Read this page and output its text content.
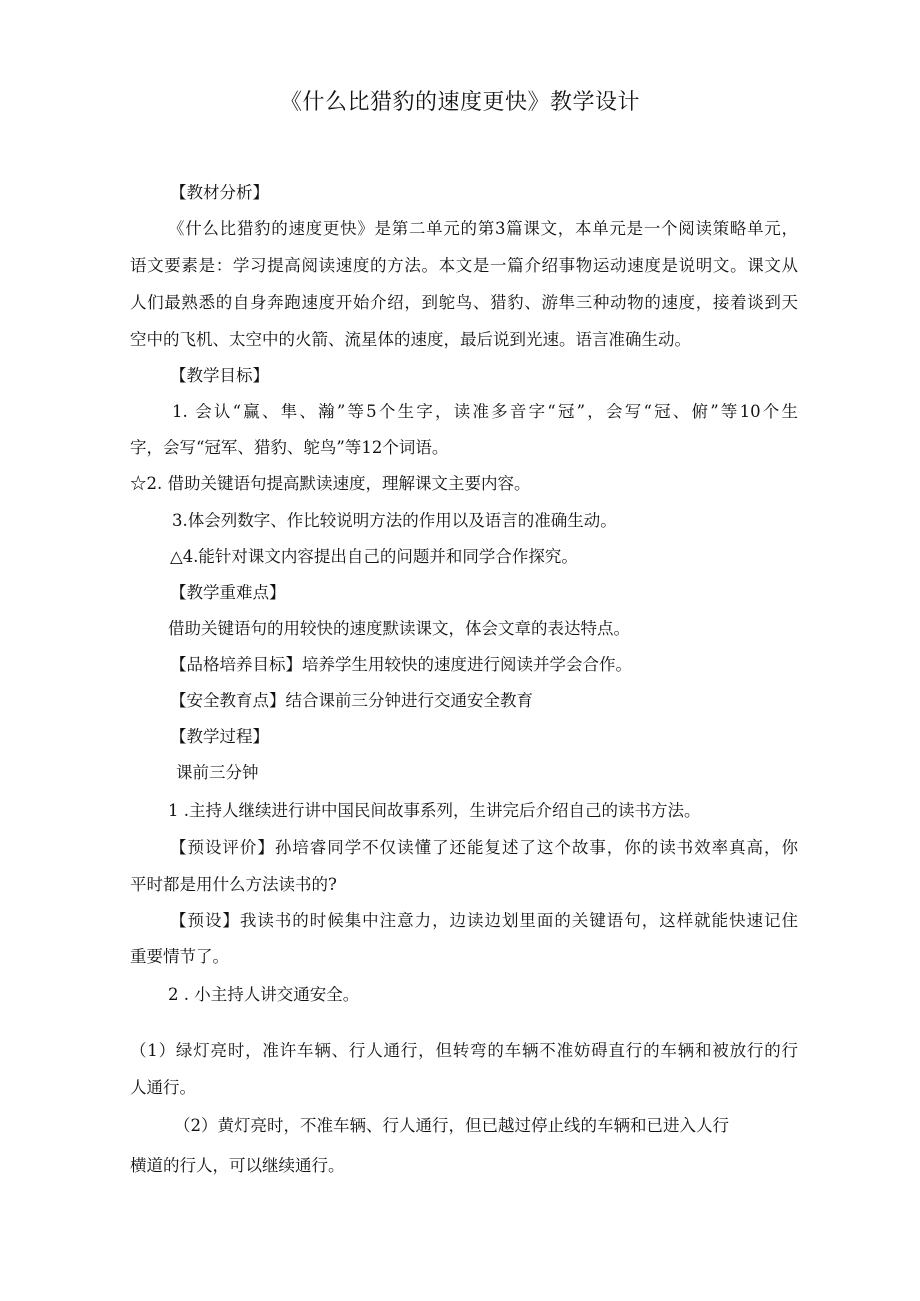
《什么比猎豹的速度更快》教学设计
【教材分析】
《什么比猎豹的速度更快》是第二单元的第3篇课文，本单元是一个阅读策略单元，
语文要素是：学习提高阅读速度的方法。本文是一篇介绍事物运动速度是说明文。课文从
人们最熟悉的自身奔跑速度开始介绍，到鸵鸟、猎豹、游隼三种动物的速度，接着谈到天
空中的飞机、太空中的火箭、流星体的速度，最后说到光速。语言准确生动。
【教学目标】
1. 会认“赢、隼、瀚”等5个生字，读准多音字“冠”，会写“冠、俯”等10个生
字，会写“冠军、猎豹、鸵鸟”等12个词语。
☆2. 借助关键语句提高默读速度，理解课文主要内容。
3.体会列数字、作比较说明方法的作用以及语言的准确生动。
△4.能针对课文内容提出自己的问题并和同学合作探究。
【教学重难点】
借助关键语句的用较快的速度默读课文，体会文章的表达特点。
【品格培养目标】培养学生用较快的速度进行阅读并学会合作。
【安全教育点】结合课前三分钟进行交通安全教育
【教学过程】
课前三分钟
1 .主持人继续进行讲中国民间故事系列，生讲完后介绍自己的读书方法。
【预设评价】孙培睿同学不仅读懂了还能复述了这个故事，你的读书效率真高，你
平时都是用什么方法读书的?
【预设】我读书的时候集中注意力，边读边划里面的关键语句，这样就能快速记住
重要情节了。
2 . 小主持人讲交通安全。
（1）绿灯亮时，准许车辆、行人通行，但转弯的车辆不准妨碍直行的车辆和被放行的行
人通行。
（2）黄灯亮时，不准车辆、行人通行，但已越过停止线的车辆和已进入人行
横道的行人，可以继续通行。
